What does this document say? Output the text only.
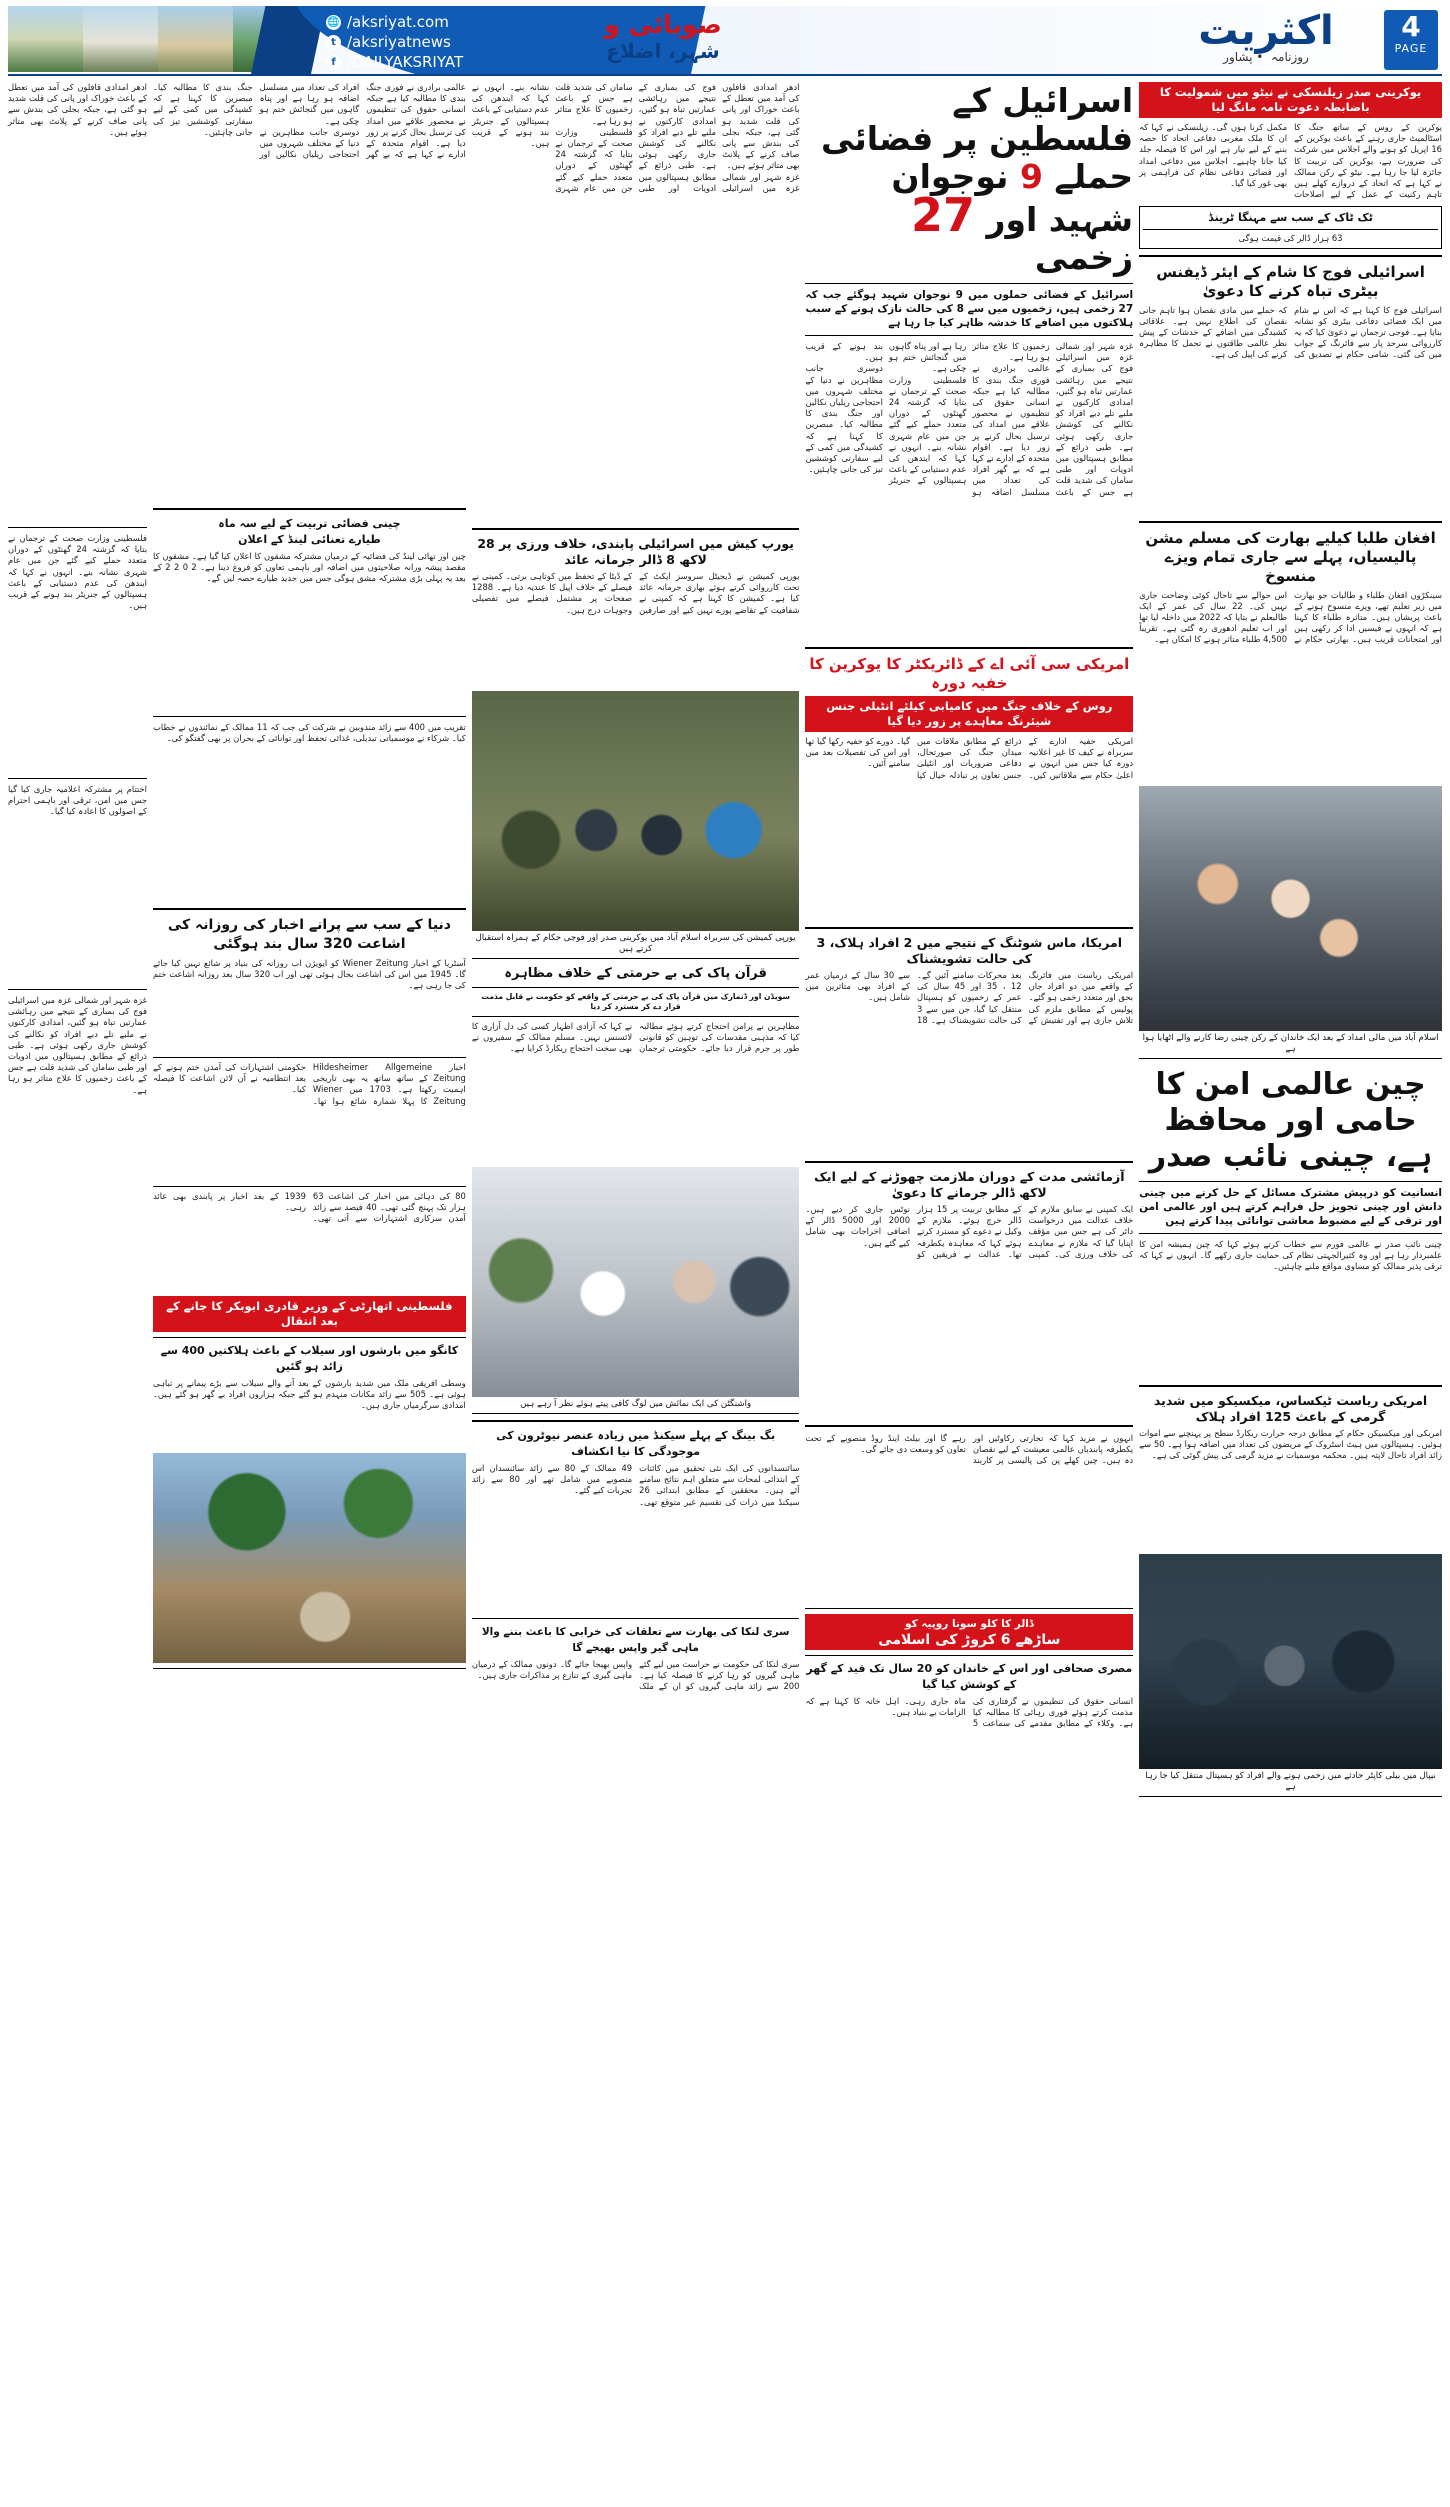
🌐 /aksriyat.com
t /aksriyatnews
f /DAILYAKSRIYAT
صوبائی و
شہر، اضلاع	اکثریت
روزنامہ  • پشاور
4
PAGE
یوکرینی صدر زیلنسکی نے نیٹو میں شمولیت کا باضابطہ دعوت نامہ مانگ لیا
یوکرین کے روس کے ساتھ جنگ کا اسٹالمیٹ جاری رہنے کے باعث یوکرین کے 16 اپریل کو ہونے والے اجلاس میں شرکت کی ضرورت ہے، یوکرین کی تربیت کا جائزہ لیا جا رہا ہے۔ نیٹو کے رکن ممالک نے کہا ہے کہ اتحاد کے دروازے کھلے ہیں تاہم رکنیت کے عمل کے لیے اصلاحات مکمل کرنا ہوں گی۔ زیلنسکی نے کہا کہ ان کا ملک مغربی دفاعی اتحاد کا حصہ بننے کے لیے تیار ہے اور اس کا فیصلہ جلد کیا جانا چاہیے۔ اجلاس میں دفاعی امداد اور فضائی دفاعی نظام کی فراہمی پر بھی غور کیا گیا۔
ٹک ٹاک کے سب سے مہنگا ٹرینڈ
63 ہزار ڈالر کی قیمت ہوگی
اسرائیلی فوج کا شام کے ایئر ڈیفنس بیٹری تباہ کرنے کا دعویٰ
اسرائیلی فوج کا کہنا ہے کہ اس نے شام میں ایک فضائی دفاعی بیٹری کو نشانہ بنایا ہے۔ فوجی ترجمان نے دعویٰ کیا کہ یہ کارروائی سرحد پار سے فائرنگ کے جواب میں کی گئی۔ شامی حکام نے تصدیق کی کہ حملے میں مادی نقصان ہوا تاہم جانی نقصان کی اطلاع نہیں ہے۔ علاقائی کشیدگی میں اضافے کے خدشات کے پیش نظر عالمی طاقتوں نے تحمل کا مظاہرہ کرنے کی اپیل کی ہے۔
افغان طلبا کیلیے بھارت کی مسلم مشن پالیسیاں، پہلے سے جاری تمام ویزے منسوخ
سینکڑوں افغان طلباء و طالبات جو بھارت میں زیر تعلیم تھے، ویزے منسوخ ہونے کے باعث پریشان ہیں۔ متاثرہ طلباء کا کہنا ہے کہ انہوں نے فیسیں ادا کر رکھی ہیں اور امتحانات قریب ہیں۔ بھارتی حکام نے اس حوالے سے تاحال کوئی وضاحت جاری نہیں کی۔ 22 سال کی عمر کے ایک طالبعلم نے بتایا کہ 2022 میں داخلہ لیا تھا اور اب تعلیم ادھوری رہ گئی ہے۔ تقریباً 4,500 طلباء متاثر ہونے کا امکان ہے۔
اسلام آباد میں مالی امداد کے بعد ایک خاندان کے رکن چینی رضا کارنے والے اٹھایا ہوا ہے
چین عالمی امن کا حامی اور محافظ ہے، چینی نائب صدر
انسانیت کو درپیش مشترک مسائل کے حل کرنے میں چینی دانش اور چینی تجویز حل فراہم کرتے ہیں اور عالمی امن اور ترقی کے لیے مضبوط معاشی توانائی پیدا کرتے ہیں
چینی نائب صدر نے عالمی فورم سے خطاب کرتے ہوئے کہا کہ چین ہمیشہ امن کا علمبردار رہا ہے اور وہ کثیرالجہتی نظام کی حمایت جاری رکھے گا۔ انہوں نے کہا کہ ترقی پذیر ممالک کو مساوی مواقع ملنے چاہئیں۔
امریکی ریاست ٹیکساس، میکسیکو میں شدید گرمی کے باعث 125 افراد ہلاک
امریکی اور میکسیکن حکام کے مطابق درجہ حرارت ریکارڈ سطح پر پہنچنے سے اموات ہوئیں۔ ہسپتالوں میں ہیٹ اسٹروک کے مریضوں کی تعداد میں اضافہ ہوا ہے۔ 50 سے زائد افراد تاحال لاپتہ ہیں۔ محکمہ موسمیات نے مزید گرمی کی پیش گوئی کی ہے۔
نیپال میں بیلی کاپٹر حادثے میں زخمی ہونے والے افراد کو ہسپتال منتقل کیا جا رہا ہے
اسرائیل کے فلسطین پر فضائی حملے 9 نوجوان شہید اور 27 زخمی
اسرائیل کے فضائی حملوں میں 9 نوجوان شہید ہوگئے جب کہ 27 زخمی ہیں، زخمیوں میں سے 8 کی حالت نازک ہونے کے سبب ہلاکتوں میں اضافے کا خدشہ ظاہر کیا جا رہا ہے
غزہ شہر اور شمالی غزہ میں اسرائیلی فوج کی بمباری کے نتیجے میں رہائشی عمارتیں تباہ ہو گئیں، امدادی کارکنوں نے ملبے تلے دبے افراد کو نکالنے کی کوشش جاری رکھی ہوئی ہے۔ طبی ذرائع کے مطابق ہسپتالوں میں ادویات اور طبی سامان کی شدید قلت ہے جس کے باعث زخمیوں کا علاج متاثر ہو رہا ہے۔
عالمی برادری نے فوری جنگ بندی کا مطالبہ کیا ہے جبکہ انسانی حقوق کی تنظیموں نے محصور علاقے میں امداد کی ترسیل بحال کرنے پر زور دیا ہے۔ اقوام متحدہ کے ادارے نے کہا ہے کہ بے گھر افراد کی تعداد میں مسلسل اضافہ ہو رہا ہے اور پناہ گاہوں میں گنجائش ختم ہو چکی ہے۔
فلسطینی وزارت صحت کے ترجمان نے بتایا کہ گزشتہ 24 گھنٹوں کے دوران متعدد حملے کیے گئے جن میں عام شہری نشانہ بنے۔ انہوں نے کہا کہ ایندھن کی عدم دستیابی کے باعث ہسپتالوں کے جنریٹر بند ہونے کے قریب ہیں۔
دوسری جانب مظاہرین نے دنیا کے مختلف شہروں میں احتجاجی ریلیاں نکالیں اور جنگ بندی کا مطالبہ کیا۔ مبصرین کا کہنا ہے کہ کشیدگی میں کمی کے لیے سفارتی کوششیں تیز کی جانی چاہئیں۔
امریکی سی آئی اے کے ڈائریکٹر کا یوکرین کا خفیہ دورہ
روس کے خلاف جنگ میں کامیابی کیلئے انٹیلی جنس شیئرنگ معاہدے پر زور دیا گیا
امریکی خفیہ ادارے کے سربراہ نے کیف کا غیر اعلانیہ دورہ کیا جس میں انہوں نے اعلیٰ حکام سے ملاقاتیں کیں۔ ذرائع کے مطابق ملاقات میں میدان جنگ کی صورتحال، دفاعی ضروریات اور انٹیلی جنس تعاون پر تبادلہ خیال کیا گیا۔ دورے کو خفیہ رکھا گیا تھا اور اس کی تفصیلات بعد میں سامنے آئیں۔
امریکا، ماس شوٹنگ کے نتیجے میں 2 افراد ہلاک، 3 کی حالت تشویشناک
امریکی ریاست میں فائرنگ کے واقعے میں دو افراد جاں بحق اور متعدد زخمی ہو گئے۔ پولیس کے مطابق ملزم کی تلاش جاری ہے اور تفتیش کے بعد محرکات سامنے آئیں گے۔ 12 ، 35 اور 45 سال کی عمر کے زخمیوں کو ہسپتال منتقل کیا گیا، جن میں سے 3 کی حالت تشویشناک ہے۔ 18 سے 30 سال کے درمیان عمر کے افراد بھی متاثرین میں شامل ہیں۔
آزمائشی مدت کے دوران ملازمت چھوڑنے کے لیے ایک لاکھ ڈالر جرمانے کا دعویٰ
ایک کمپنی نے سابق ملازم کے خلاف عدالت میں درخواست دائر کی ہے جس میں مؤقف اپنایا گیا کہ ملازم نے معاہدے کی خلاف ورزی کی۔ کمپنی کے مطابق تربیت پر 15 ہزار ڈالر خرچ ہوئے۔ ملازم کے وکیل نے دعوے کو مسترد کرتے ہوئے کہا کہ معاہدہ یکطرفہ تھا۔ عدالت نے فریقین کو نوٹس جاری کر دیے ہیں۔ 2000 اور 5000 ڈالر کے اضافی اخراجات بھی شامل کیے گئے ہیں۔
انہوں نے مزید کہا کہ تجارتی رکاوٹیں اور یکطرفہ پابندیاں عالمی معیشت کے لیے نقصان دہ ہیں۔ چین کھلے پن کی پالیسی پر کاربند رہے گا اور بیلٹ اینڈ روڈ منصوبے کے تحت تعاون کو وسعت دی جائے گی۔
ڈالر کا کلو سونا روپیہ کو
ساڑھے 6 کروڑ کی اسلامی
مصری صحافی اور اس کے خاندان کو 20 سال تک قید کے گھر کے کوشش کیا گیا
انسانی حقوق کی تنظیموں نے گرفتاری کی مذمت کرتے ہوئے فوری رہائی کا مطالبہ کیا ہے۔ وکلاء کے مطابق مقدمے کی سماعت 5 ماہ جاری رہی۔ اہل خانہ کا کہنا ہے کہ الزامات بے بنیاد ہیں۔
ادھر امدادی قافلوں کی آمد میں تعطل کے باعث خوراک اور پانی کی قلت شدید ہو گئی ہے، جبکہ بجلی کی بندش سے پانی صاف کرنے کے پلانٹ بھی متاثر ہوئے ہیں۔
غزہ شہر اور شمالی غزہ میں اسرائیلی فوج کی بمباری کے نتیجے میں رہائشی عمارتیں تباہ ہو گئیں، امدادی کارکنوں نے ملبے تلے دبے افراد کو نکالنے کی کوشش جاری رکھی ہوئی ہے۔ طبی ذرائع کے مطابق ہسپتالوں میں ادویات اور طبی سامان کی شدید قلت ہے جس کے باعث زخمیوں کا علاج متاثر ہو رہا ہے۔
فلسطینی وزارت صحت کے ترجمان نے بتایا کہ گزشتہ 24 گھنٹوں کے دوران متعدد حملے کیے گئے جن میں عام شہری نشانہ بنے۔ انہوں نے کہا کہ ایندھن کی عدم دستیابی کے باعث ہسپتالوں کے جنریٹر بند ہونے کے قریب ہیں۔
یورپ کیش میں اسرائیلی پابندی، خلاف ورزی پر 28 لاکھ 8 ڈالر جرمانہ عائد
یورپی کمیشن نے ڈیجیٹل سروسز ایکٹ کے تحت کارروائی کرتے ہوئے بھاری جرمانہ عائد کیا ہے۔ کمیشن کا کہنا ہے کہ کمپنی نے شفافیت کے تقاضے پورے نہیں کیے اور صارفین کے ڈیٹا کے تحفظ میں کوتاہی برتی۔ کمپنی نے فیصلے کے خلاف اپیل کا عندیہ دیا ہے۔ 1288 صفحات پر مشتمل فیصلے میں تفصیلی وجوہات درج ہیں۔
یورپی کمیشن کی سربراہ اسلام آباد میں یوکرینی صدر اور فوجی حکام کے ہمراہ استقبال کرتے ہیں
قرآن پاک کی بے حرمتی کے خلاف مظاہرہ
سویڈن اور ڈنمارک میں قرآن پاک کی بے حرمتی کے واقعے کو حکومت نے قابل مذمت قرار دے کر مسترد کر دیا
مظاہرین نے پرامن احتجاج کرتے ہوئے مطالبہ کیا کہ مذہبی مقدسات کی توہین کو قانونی طور پر جرم قرار دیا جائے۔ حکومتی ترجمان نے کہا کہ آزادی اظہار کسی کی دل آزاری کا لائسنس نہیں۔ مسلم ممالک کے سفیروں نے بھی سخت احتجاج ریکارڈ کرایا ہے۔
واشنگٹن کی ایک نمائش میں لوگ کافی پیتے ہوئے نظر آ رہے ہیں
بگ بینگ کے پہلے سیکنڈ میں زیادہ عنصر نیوٹرون کی موجودگی کا نیا انکشاف
سائنسدانوں کی ایک نئی تحقیق میں کائنات کے ابتدائی لمحات سے متعلق اہم نتائج سامنے آئے ہیں۔ محققین کے مطابق ابتدائی 26 سیکنڈ میں ذرات کی تقسیم غیر متوقع تھی۔ 49 ممالک کے 80 سے زائد سائنسدان اس منصوبے میں شامل تھے اور 80 سے زائد تجربات کیے گئے۔
سری لنکا کی بھارت سے تعلقات کی خرابی کا باعث بننے والا ماہی گیر واپس بھیجے گا
سری لنکا کی حکومت نے حراست میں لیے گئے ماہی گیروں کو رہا کرنے کا فیصلہ کیا ہے۔ 200 سے زائد ماہی گیروں کو ان کے ملک واپس بھیجا جائے گا۔ دونوں ممالک کے درمیان ماہی گیری کے تنازع پر مذاکرات جاری ہیں۔
عالمی برادری نے فوری جنگ بندی کا مطالبہ کیا ہے جبکہ انسانی حقوق کی تنظیموں نے محصور علاقے میں امداد کی ترسیل بحال کرنے پر زور دیا ہے۔ اقوام متحدہ کے ادارے نے کہا ہے کہ بے گھر افراد کی تعداد میں مسلسل اضافہ ہو رہا ہے اور پناہ گاہوں میں گنجائش ختم ہو چکی ہے۔
دوسری جانب مظاہرین نے دنیا کے مختلف شہروں میں احتجاجی ریلیاں نکالیں اور جنگ بندی کا مطالبہ کیا۔ مبصرین کا کہنا ہے کہ کشیدگی میں کمی کے لیے سفارتی کوششیں تیز کی جانی چاہئیں۔
چینی فضائی تربیت کے لیے سہ ماہ
طیارے تعنائی لینڈ کے اعلان
چین اور تھائی لینڈ کی فضائیہ کے درمیان مشترکہ مشقوں کا اعلان کیا گیا ہے۔ مشقوں کا مقصد پیشہ ورانہ صلاحیتوں میں اضافہ اور باہمی تعاون کو فروغ دینا ہے۔ 2 0 2 2 کے بعد یہ پہلی بڑی مشترکہ مشق ہوگی جس میں جدید طیارے حصہ لیں گے۔
تقریب میں 400 سے زائد مندوبین نے شرکت کی جب کہ 11 ممالک کے نمائندوں نے خطاب کیا۔ شرکاء نے موسمیاتی تبدیلی، غذائی تحفظ اور توانائی کے بحران پر بھی گفتگو کی۔
دنیا کے سب سے پرانے اخبار کی روزانہ کی اشاعت 320 سال بند ہوگئی
آسٹریا کے اخبار Wiener Zeitung کو ایویژن اب روزانہ کی بنیاد پر شائع نہیں کیا جائے گا۔ 1945 میں اس کی اشاعت بحال ہوئی تھی اور اب 320 سال بعد روزانہ اشاعت ختم کی جا رہی ہے۔
اخبار Hildesheimer Allgemeine Zeitung کے ساتھ ساتھ یہ بھی تاریخی اہمیت رکھتا ہے۔ 1703 میں Wiener Zeitung کا پہلا شمارہ شائع ہوا تھا۔ حکومتی اشتہارات کی آمدن ختم ہونے کے بعد انتظامیہ نے آن لائن اشاعت کا فیصلہ کیا۔
80 کی دہائی میں اخبار کی اشاعت 63 ہزار تک پہنچ گئی تھی۔ 40 فیصد سے زائد آمدن سرکاری اشتہارات سے آتی تھی۔ 1939 کے بعد اخبار پر پابندی بھی عائد رہی۔
فلسطینی اتھارٹی کے وزیر قادری ابوبکر کا جانے کے بعد انتقال
کانگو میں بارشوں اور سیلاب کے باعث ہلاکتیں 400 سے زائد ہو گئیں
وسطی افریقی ملک میں شدید بارشوں کے بعد آنے والے سیلاب سے بڑے پیمانے پر تباہی ہوئی ہے۔ 505 سے زائد مکانات منہدم ہو گئے جبکہ ہزاروں افراد بے گھر ہو گئے ہیں۔ امدادی سرگرمیاں جاری ہیں۔
ادھر امدادی قافلوں کی آمد میں تعطل کے باعث خوراک اور پانی کی قلت شدید ہو گئی ہے، جبکہ بجلی کی بندش سے پانی صاف کرنے کے پلانٹ بھی متاثر ہوئے ہیں۔
فلسطینی وزارت صحت کے ترجمان نے بتایا کہ گزشتہ 24 گھنٹوں کے دوران متعدد حملے کیے گئے جن میں عام شہری نشانہ بنے۔ انہوں نے کہا کہ ایندھن کی عدم دستیابی کے باعث ہسپتالوں کے جنریٹر بند ہونے کے قریب ہیں۔
اختتام پر مشترکہ اعلامیہ جاری کیا گیا جس میں امن، ترقی اور باہمی احترام کے اصولوں کا اعادہ کیا گیا۔
غزہ شہر اور شمالی غزہ میں اسرائیلی فوج کی بمباری کے نتیجے میں رہائشی عمارتیں تباہ ہو گئیں، امدادی کارکنوں نے ملبے تلے دبے افراد کو نکالنے کی کوشش جاری رکھی ہوئی ہے۔ طبی ذرائع کے مطابق ہسپتالوں میں ادویات اور طبی سامان کی شدید قلت ہے جس کے باعث زخمیوں کا علاج متاثر ہو رہا ہے۔
